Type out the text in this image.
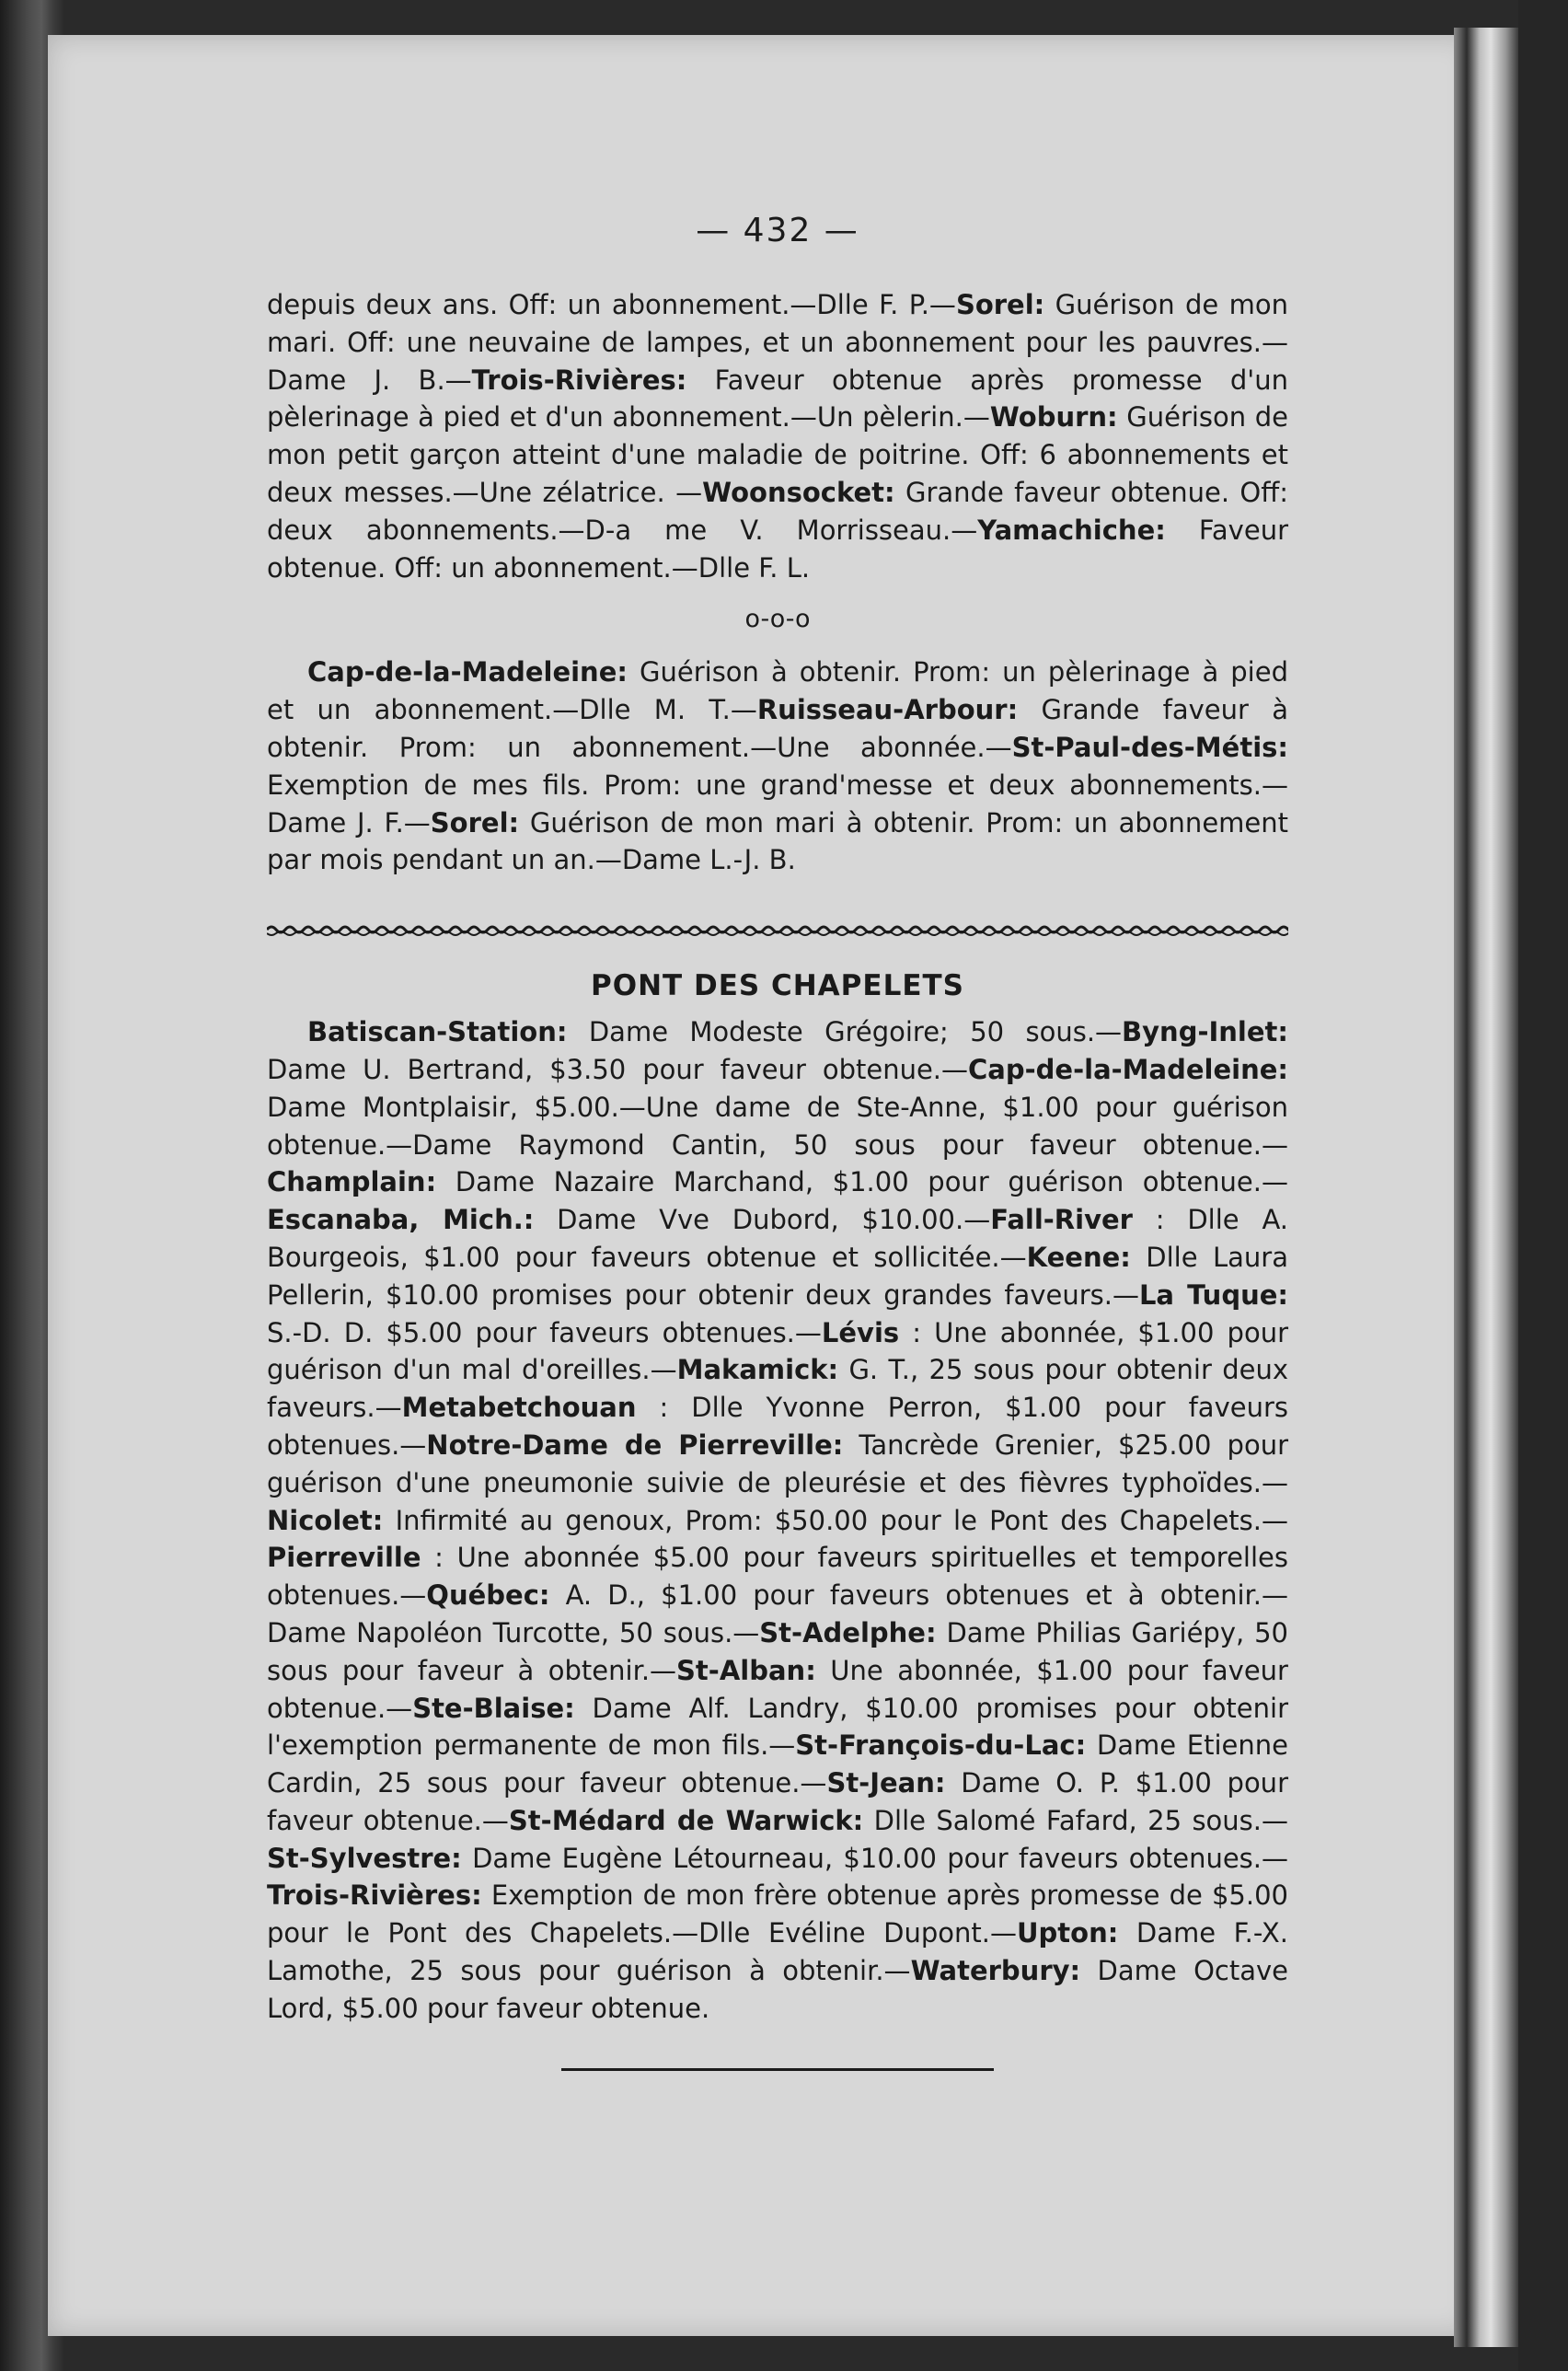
— 432 —

depuis deux ans. Off: un abonnement.—Dlle F. P.—Sorel: Guérison de mon mari. Off: une neuvaine de lampes, et un abonnement pour les pauvres.—Dame J. B.—Trois-Rivières: Faveur obtenue après promesse d'un pèlerinage à pied et d'un abonnement.—Un pèlerin.—Woburn: Guérison de mon petit garçon atteint d'une maladie de poitrine. Off: 6 abonnements et deux messes.—Une zélatrice. —Woonsocket: Grande faveur obtenue. Off: deux abonnements.—D-a me V. Morrisseau.—Yamachiche: Faveur obtenue. Off: un abonnement.—Dlle F. L.

o-o-o

Cap-de-la-Madeleine: Guérison à obtenir. Prom: un pèlerinage à pied et un abonnement.—Dlle M. T.—Ruisseau-Arbour: Grande faveur à obtenir. Prom: un abonnement.—Une abonnée.—St-Paul-des-Métis: Exemption de mes fils. Prom: une grand'messe et deux abonnements.—Dame J. F.—Sorel: Guérison de mon mari à obtenir. Prom: un abonnement par mois pendant un an.—Dame L.-J. B.

PONT DES CHAPELETS

Batiscan-Station: Dame Modeste Grégoire; 50 sous.—Byng-Inlet: Dame U. Bertrand, $3.50 pour faveur obtenue.—Cap-de-la-Madeleine: Dame Montplaisir, $5.00.—Une dame de Ste-Anne, $1.00 pour guérison obtenue.—Dame Raymond Cantin, 50 sous pour faveur obtenue.—Champlain: Dame Nazaire Marchand, $1.00 pour guérison obtenue.—Escanaba, Mich.: Dame Vve Dubord, $10.00.—Fall-River : Dlle A. Bourgeois, $1.00 pour faveurs obtenue et sollicitée.—Keene: Dlle Laura Pellerin, $10.00 promises pour obtenir deux grandes faveurs.—La Tuque: S.-D. D. $5.00 pour faveurs obtenues.—Lévis : Une abonnée, $1.00 pour guérison d'un mal d'oreilles.—Makamick: G. T., 25 sous pour obtenir deux faveurs.—Metabetchouan : Dlle Yvonne Perron, $1.00 pour faveurs obtenues.—Notre-Dame de Pierreville: Tancrède Grenier, $25.00 pour guérison d'une pneumonie suivie de pleurésie et des fièvres typhoïdes.—Nicolet: Infirmité au genoux, Prom: $50.00 pour le Pont des Chapelets.—Pierreville : Une abonnée $5.00 pour faveurs spirituelles et temporelles obtenues.—Québec: A. D., $1.00 pour faveurs obtenues et à obtenir.—Dame Napoléon Turcotte, 50 sous.—St-Adelphe: Dame Philias Gariépy, 50 sous pour faveur à obtenir.—St-Alban: Une abonnée, $1.00 pour faveur obtenue.—Ste-Blaise: Dame Alf. Landry, $10.00 promises pour obtenir l'exemption permanente de mon fils.—St-François-du-Lac: Dame Etienne Cardin, 25 sous pour faveur obtenue.—St-Jean: Dame O. P. $1.00 pour faveur obtenue.—St-Médard de Warwick: Dlle Salomé Fafard, 25 sous.—St-Sylvestre: Dame Eugène Létourneau, $10.00 pour faveurs obtenues.—Trois-Rivières: Exemption de mon frère obtenue après promesse de $5.00 pour le Pont des Chapelets.—Dlle Evéline Dupont.—Upton: Dame F.-X. Lamothe, 25 sous pour guérison à obtenir.—Waterbury: Dame Octave Lord, $5.00 pour faveur obtenue.
